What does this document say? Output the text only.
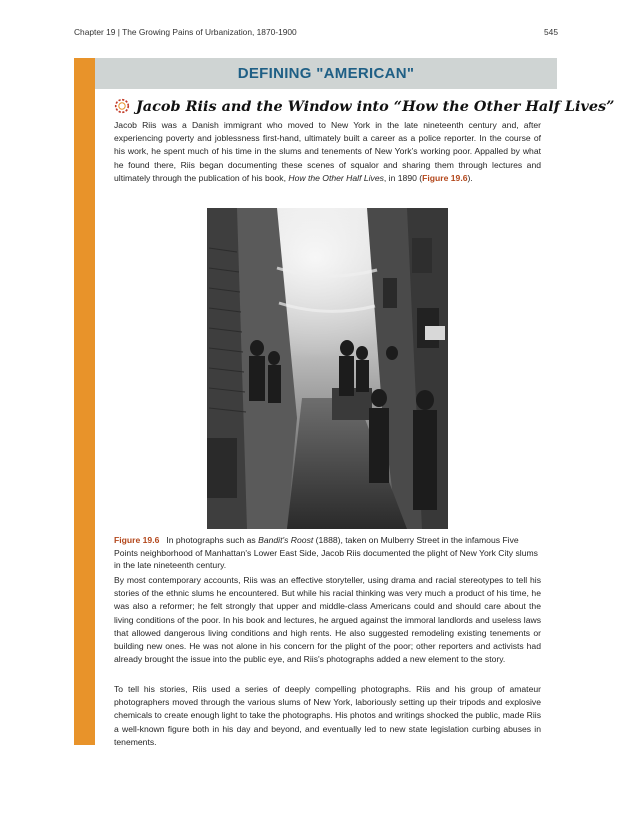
Chapter 19 | The Growing Pains of Urbanization, 1870-1900	545
DEFINING "AMERICAN"
Jacob Riis and the Window into “How the Other Half Lives”

Jacob Riis was a Danish immigrant who moved to New York in the late nineteenth century and, after experiencing poverty and joblessness first-hand, ultimately built a career as a police reporter. In the course of his work, he spent much of his time in the slums and tenements of New York’s working poor. Appalled by what he found there, Riis began documenting these scenes of squalor and sharing them through lectures and ultimately through the publication of his book, How the Other Half Lives, in 1890 (Figure 19.6).

Figure 19.6 In photographs such as Bandit's Roost (1888), taken on Mulberry Street in the infamous Five Points neighborhood of Manhattan's Lower East Side, Jacob Riis documented the plight of New York City slums in the late nineteenth century.

By most contemporary accounts, Riis was an effective storyteller, using drama and racial stereotypes to tell his stories of the ethnic slums he encountered. But while his racial thinking was very much a product of his time, he was also a reformer; he felt strongly that upper and middle-class Americans could and should care about the living conditions of the poor. In his book and lectures, he argued against the immoral landlords and useless laws that allowed dangerous living conditions and high rents. He also suggested remodeling existing tenements or building new ones. He was not alone in his concern for the plight of the poor; other reporters and activists had already brought the issue into the public eye, and Riis's photographs added a new element to the story.

To tell his stories, Riis used a series of deeply compelling photographs. Riis and his group of amateur photographers moved through the various slums of New York, laboriously setting up their tripods and explosive chemicals to create enough light to take the photographs. His photos and writings shocked the public, made Riis a well-known figure both in his day and beyond, and eventually led to new state legislation curbing abuses in tenements.
